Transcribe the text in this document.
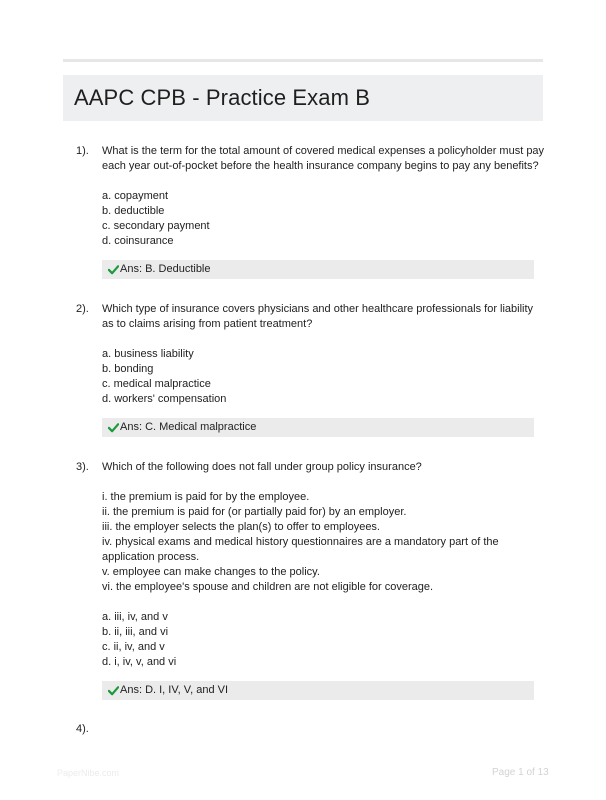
AAPC CPB - Practice Exam B
1). What is the term for the total amount of covered medical expenses a policyholder must pay
each year out-of-pocket before the health insurance company begins to pay any benefits?
a. copayment
b. deductible
c. secondary payment
d. coinsurance
Ans: B. Deductible
2). Which type of insurance covers physicians and other healthcare professionals for liability
as to claims arising from patient treatment?
a. business liability
b. bonding
c. medical malpractice
d. workers' compensation
Ans: C. Medical malpractice
3). Which of the following does not fall under group policy insurance?
i. the premium is paid for by the employee.
ii. the premium is paid for (or partially paid for) by an employer.
iii. the employer selects the plan(s) to offer to employees.
iv. physical exams and medical history questionnaires are a mandatory part of the
application process.
v. employee can make changes to the policy.
vi. the employee's spouse and children are not eligible for coverage.
a. iii, iv, and v
b. ii, iii, and vi
c. ii, iv, and v
d. i, iv, v, and vi
Ans: D. I, IV, V, and VI
4).
PaperNibe.com	Page 1 of 13
